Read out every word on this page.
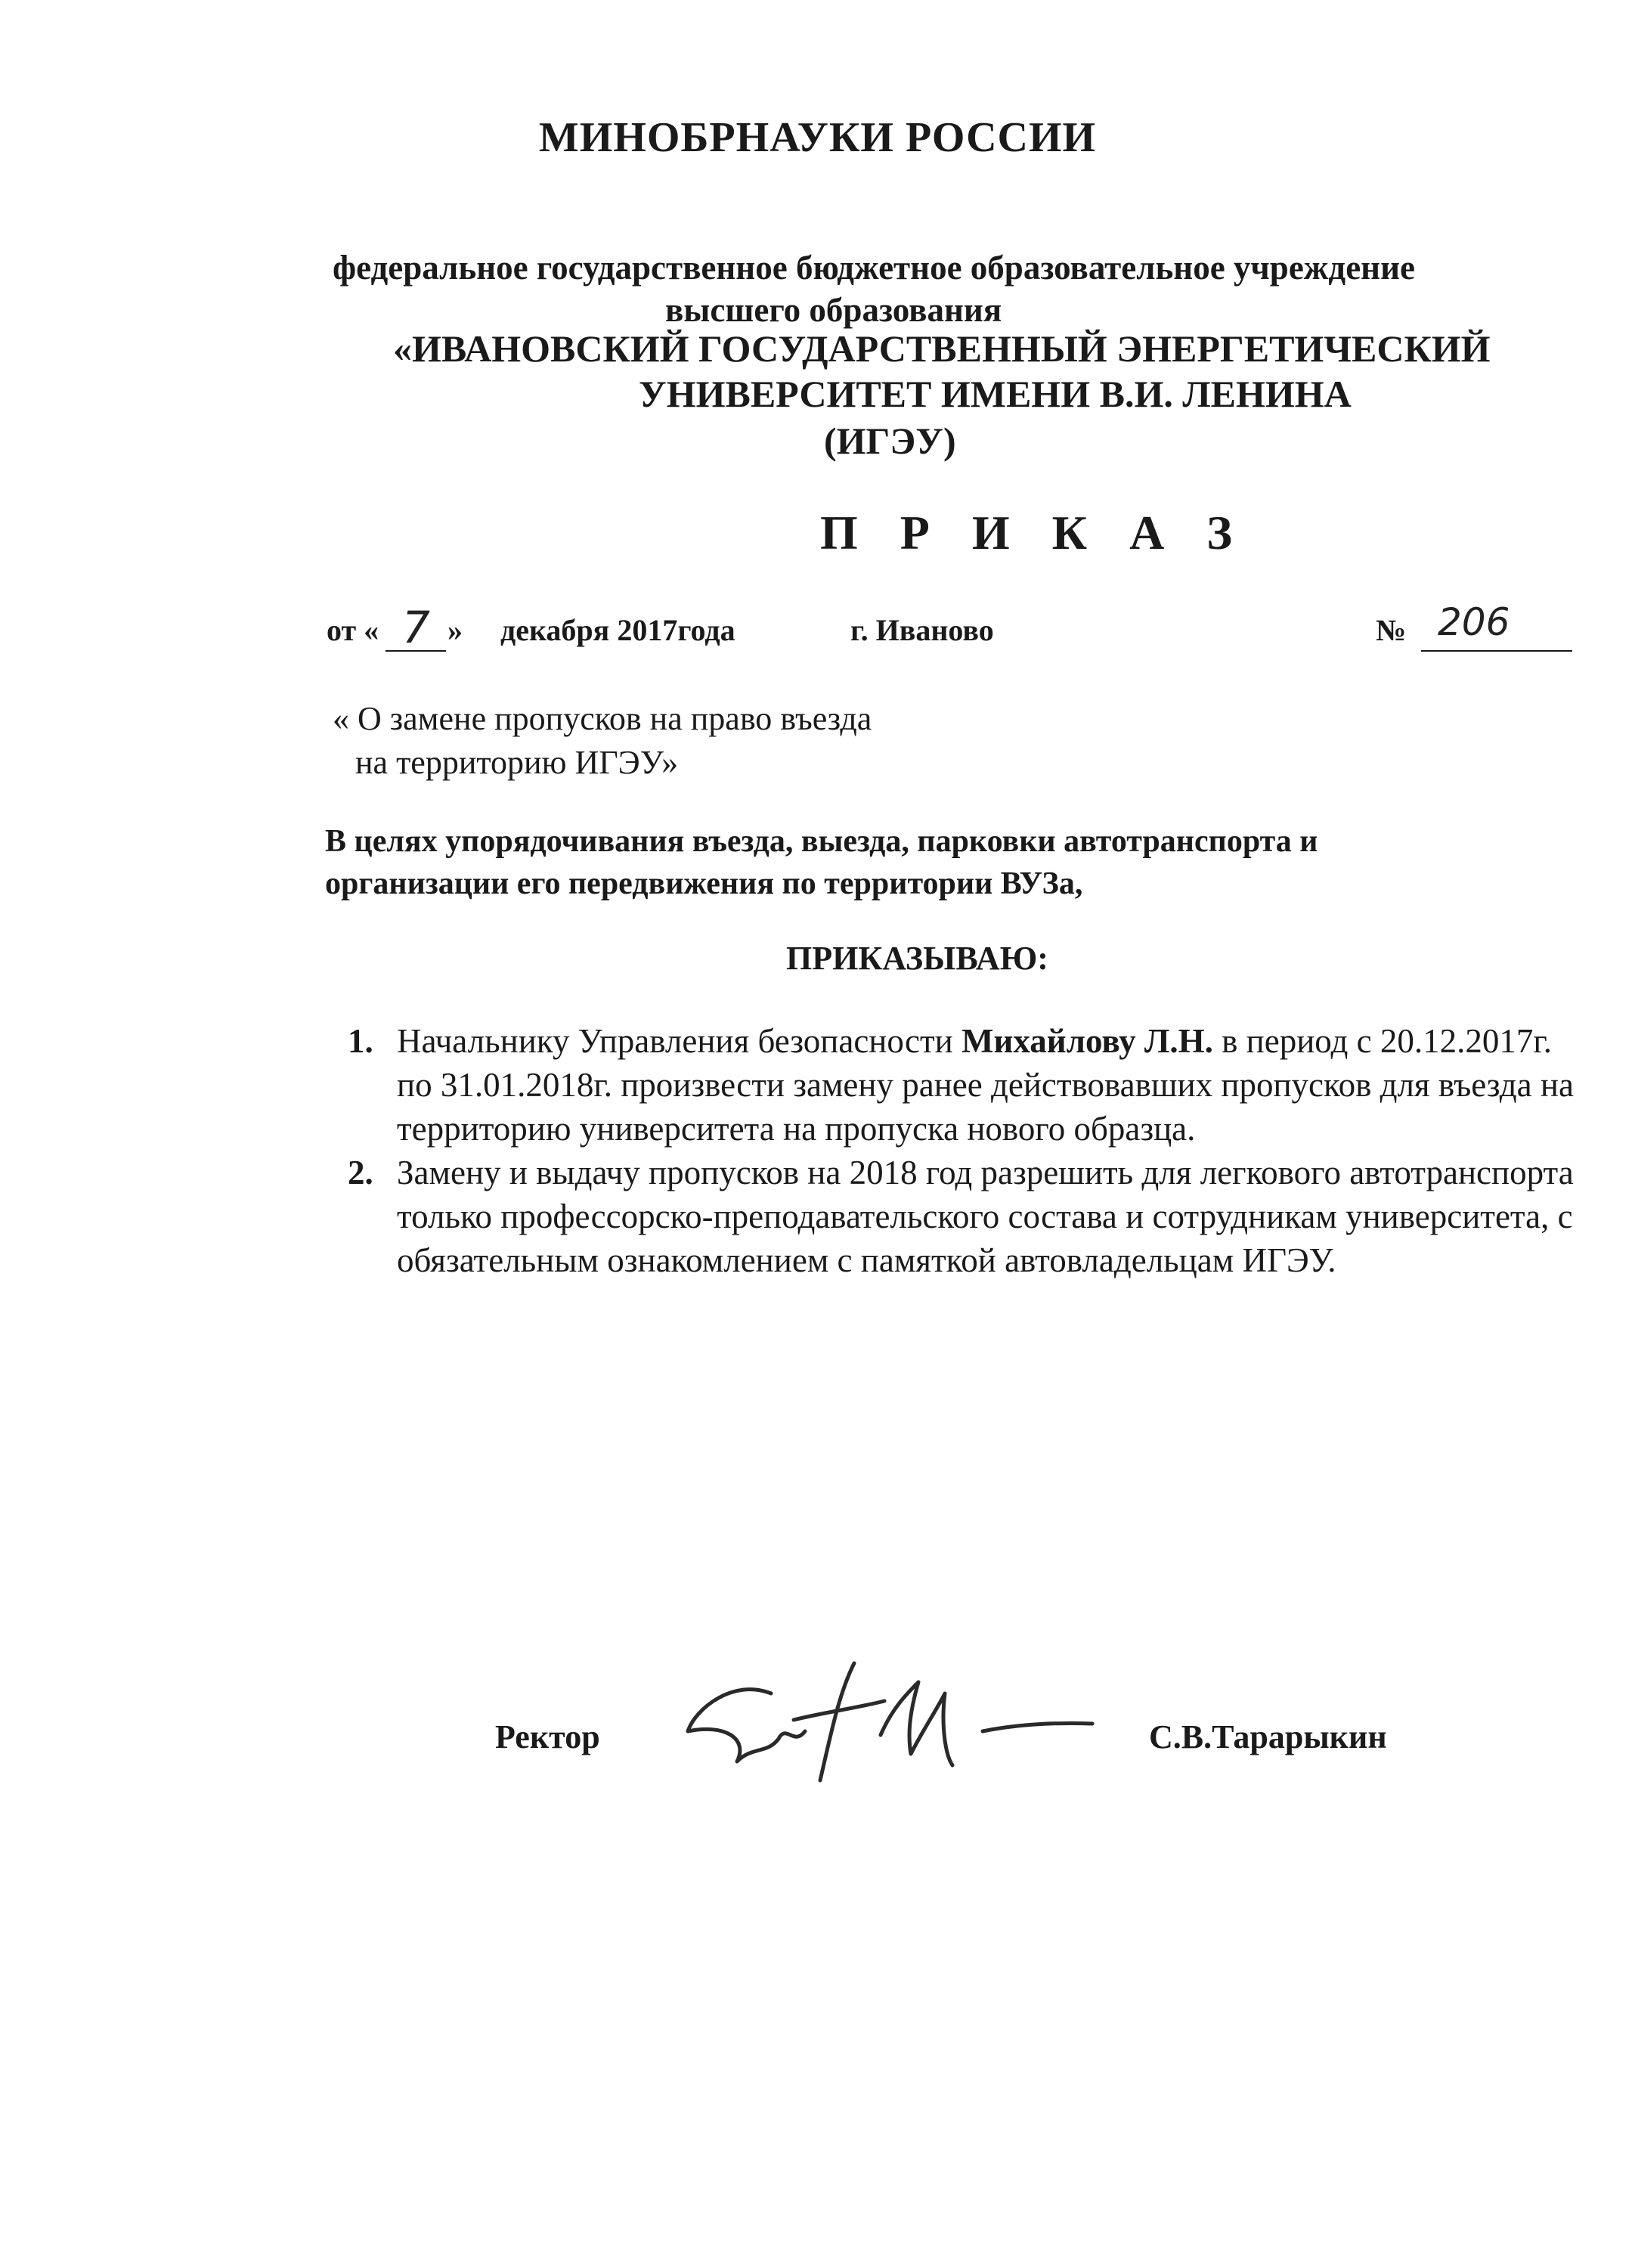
МИНОБРНАУКИ РОССИИ
федеральное государственное бюджетное образовательное учреждение
высшего образования
«ИВАНОВСКИЙ ГОСУДАРСТВЕННЫЙ ЭНЕРГЕТИЧЕСКИЙ
УНИВЕРСИТЕТ ИМЕНИ В.И. ЛЕНИНА
(ИГЭУ)
П Р И К А З
от « 7 » декабря 2017года	г. Иваново	№ 206
« О замене пропусков на право въезда
на территорию ИГЭУ»
В целях упорядочивания въезда, выезда, парковки автотранспорта и
организации его передвижения по территории ВУЗа,
ПРИКАЗЫВАЮ:
1. Начальнику Управления безопасности Михайлову Л.Н. в период с 20.12.2017г. по 31.01.2018г. произвести замену ранее действовавших пропусков для въезда на территорию университета на пропуска нового образца.
2. Замену и выдачу пропусков на 2018 год разрешить для легкового автотранспорта только профессорско-преподавательского состава и сотрудникам университета, с обязательным ознакомлением с памяткой автовладельцам ИГЭУ.
Ректор	С.В.Тарарыкин
